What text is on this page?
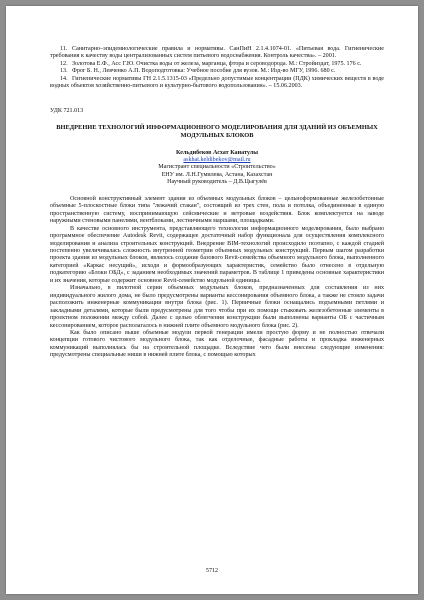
11. Санитарно–эпидемиологические правила и нормативы. СанПиН 2.1.4.1074-01. «Питьевая вода. Гигиенические требования к качеству воды централизованных систем питьевого водоснабжения. Контроль качества». – 2001.
12. Золотова Е.Ф., Асс Г.Ю. Очистка воды от железа, марганца, фтора и сероводорода. М.: Стройиздат, 1975. 176 с.
13. Фрог Б. Н., Левченко А.П. Водоподготовка: Учебное пособие для вузов. М.: Изд-во МГУ, 1996. 680 с.
14. Гигиенические нормативы ГН 2.1.5.1315-03 «Предельно допустимые концентрации (ПДК) химических веществ в воде водных объектов хозяйственно-питьевого и культурно-бытового водопользования». – 15.06.2003.
УДК 721.013
ВНЕДРЕНИЕ ТЕХНОЛОГИЙ ИНФОРМАЦИОННОГО МОДЕЛИРОВАНИЯ ДЛЯ ЗДАНИЙ ИЗ ОБЪЕМНЫХ МОДУЛЬНЫХ БЛОКОВ
Кельдибеков Асхат Канатулы
askhat.keldibekov@mail.ru
Магистрант специальности «Строительство»
ЕНУ им. Л.Н.Гумилева, Астана, Казахстан
Научный руководитель – Д.В.Цыгулёв

Основной конструктивный элемент здания из объемных модульных блоков – цельноформованные железобетонные объемные 5-плоскостные блоки типа "лежачий стакан", состоящий из трех стен, пола и потолка, объединенные в единую пространственную систему, воспринимающую сейсмические и ветровые воздействия. Блок комплектуется на заводе наружными стеновыми панелями, вентблоками, лестничными маршами, площадками.

В качестве основного инструмента, представляющего технологии информационного моделирования, было выбрано программное обеспечение Autodesk Revit, содержащее достаточный набор функционала для осуществления комплексного моделирования и анализа строительных конструкций. Внедрение BIM-технологий происходило поэтапно, с каждой стадией постепенно увеличивалась сложность внутренней геометрии объемных модульных конструкций. Первым шагом разработки проекта здания из модульных блоков, являлось создание базового Revit-семейства объемного модульного блока, выполненного категорией «Каркас несущий», исходя и формообразующих характеристик, семейство было отнесено в отдельную подкатегорию «Блоки ОБД», с заданием необходимых значений параметров. В таблице 1 приведены основные характеристики и их значения, которые содержит основное Revit-семейство модульной единицы.

Изначально, в пилотной серии объемных модульных блоков, предназначенных для составления из них индивидуального жилого дома, не было предусмотрены варианты кессонирования объемного блока, а также не стояло задачи расположить инженерные коммуникации внутри блока (рис. 1). Первичные блоки оснащались подъемными петлями и закладными деталями, которые были предусмотрены для того чтобы при их помощи стыковать железобетонные элементы в проектном положении между собой. Далее с целью облегчения конструкции были выполнены варианты ОБ с частичным кессонированием, которое располагалось в нижней плите объемного модульного блока (рис. 2).

Как было описано выше объемные модули первой генерации имели простую форму и не полностью отвечали концепции готового чистового модульного блока, так как отделочные, фасадные работы и прокладка инженерных коммуникаций выполнялась бы на строительной площадке. Вследствие чего были внесены следующие изменения: предусмотрены специальные ниши в нижней плите блока, с помощью которых

5712
